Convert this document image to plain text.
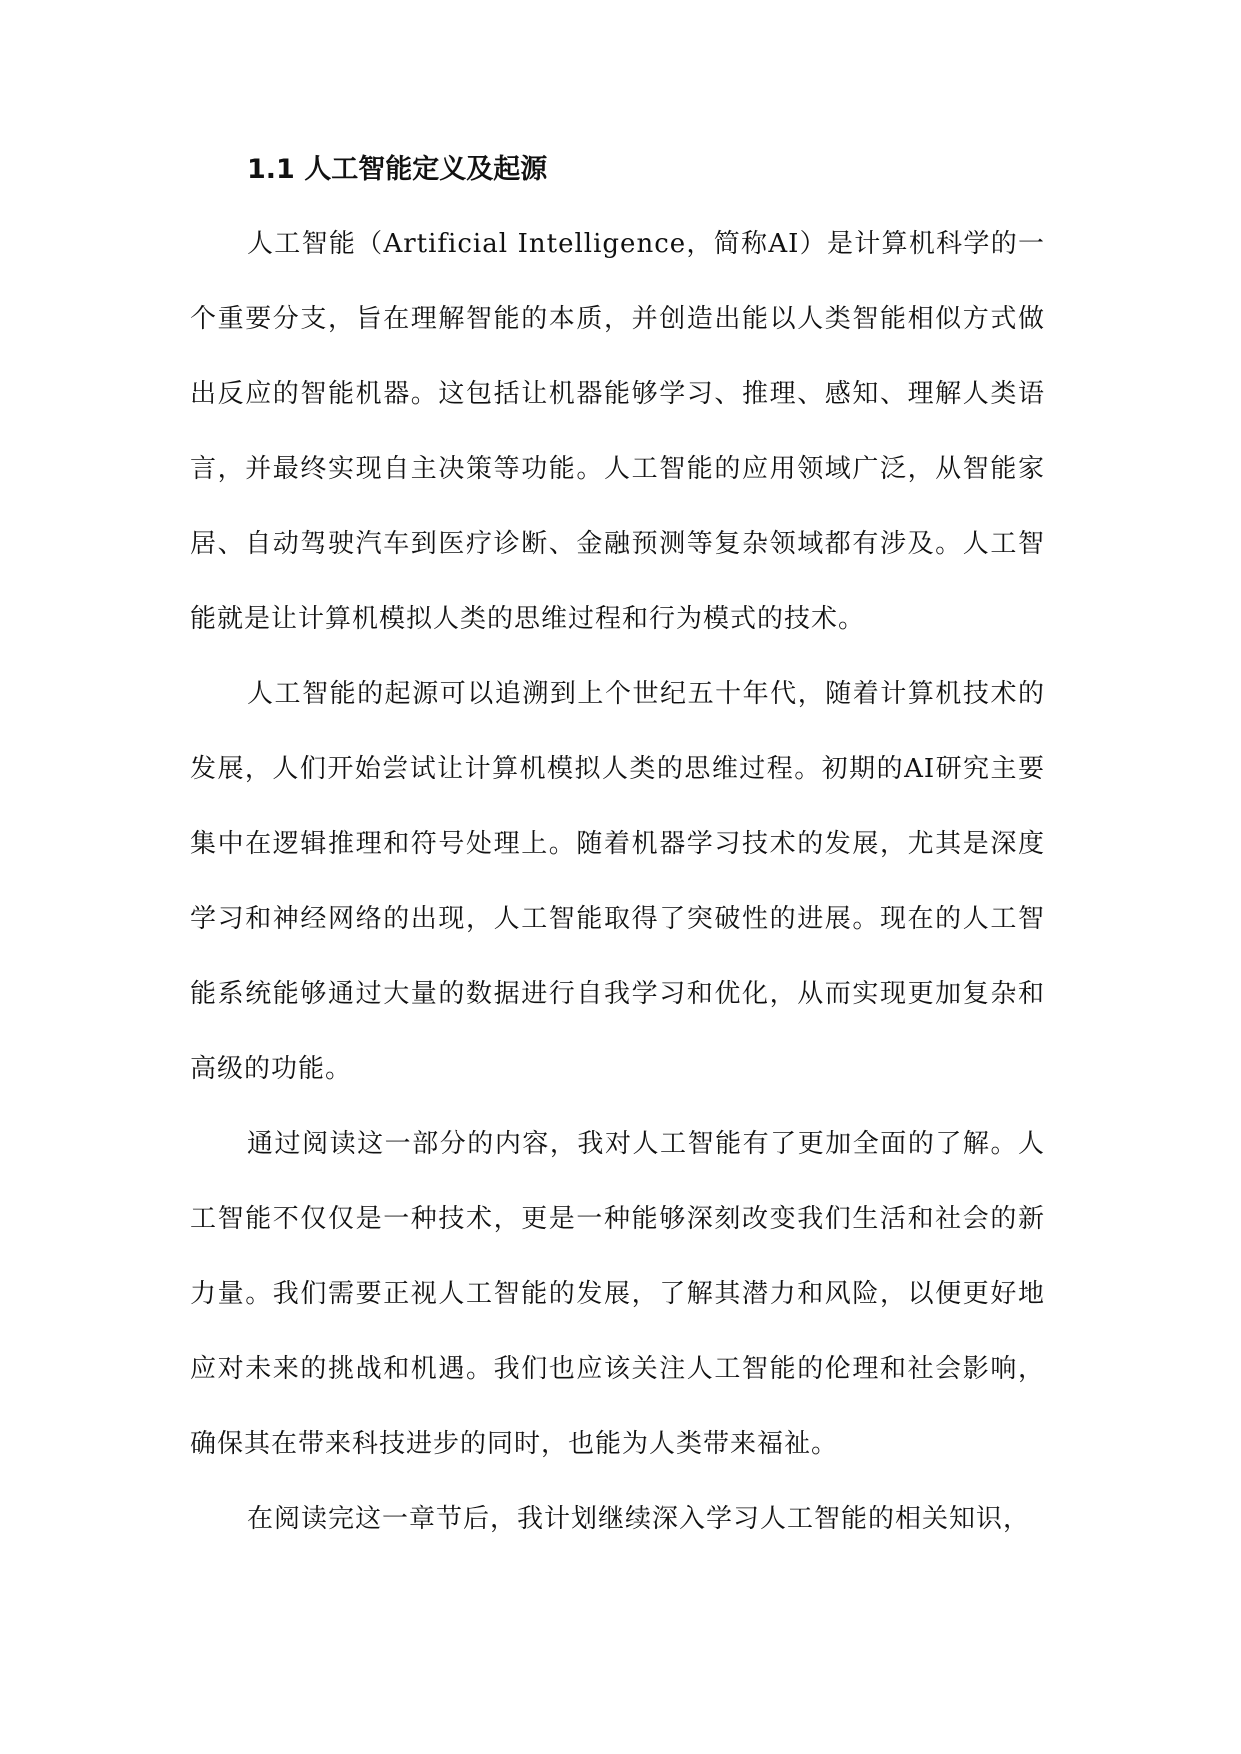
1.1 人工智能定义及起源

人工智能（Artificial Intelligence，简称AI）是计算机科学的一个重要分支，旨在理解智能的本质，并创造出能以人类智能相似方式做出反应的智能机器。这包括让机器能够学习、推理、感知、理解人类语言，并最终实现自主决策等功能。人工智能的应用领域广泛，从智能家居、自动驾驶汽车到医疗诊断、金融预测等复杂领域都有涉及。人工智能就是让计算机模拟人类的思维过程和行为模式的技术。

人工智能的起源可以追溯到上个世纪五十年代，随着计算机技术的发展，人们开始尝试让计算机模拟人类的思维过程。初期的AI研究主要集中在逻辑推理和符号处理上。随着机器学习技术的发展，尤其是深度学习和神经网络的出现，人工智能取得了突破性的进展。现在的人工智能系统能够通过大量的数据进行自我学习和优化，从而实现更加复杂和高级的功能。

通过阅读这一部分的内容，我对人工智能有了更加全面的了解。人工智能不仅仅是一种技术，更是一种能够深刻改变我们生活和社会的新力量。我们需要正视人工智能的发展，了解其潜力和风险，以便更好地应对未来的挑战和机遇。我们也应该关注人工智能的伦理和社会影响，确保其在带来科技进步的同时，也能为人类带来福祉。

在阅读完这一章节后，我计划继续深入学习人工智能的相关知识，
